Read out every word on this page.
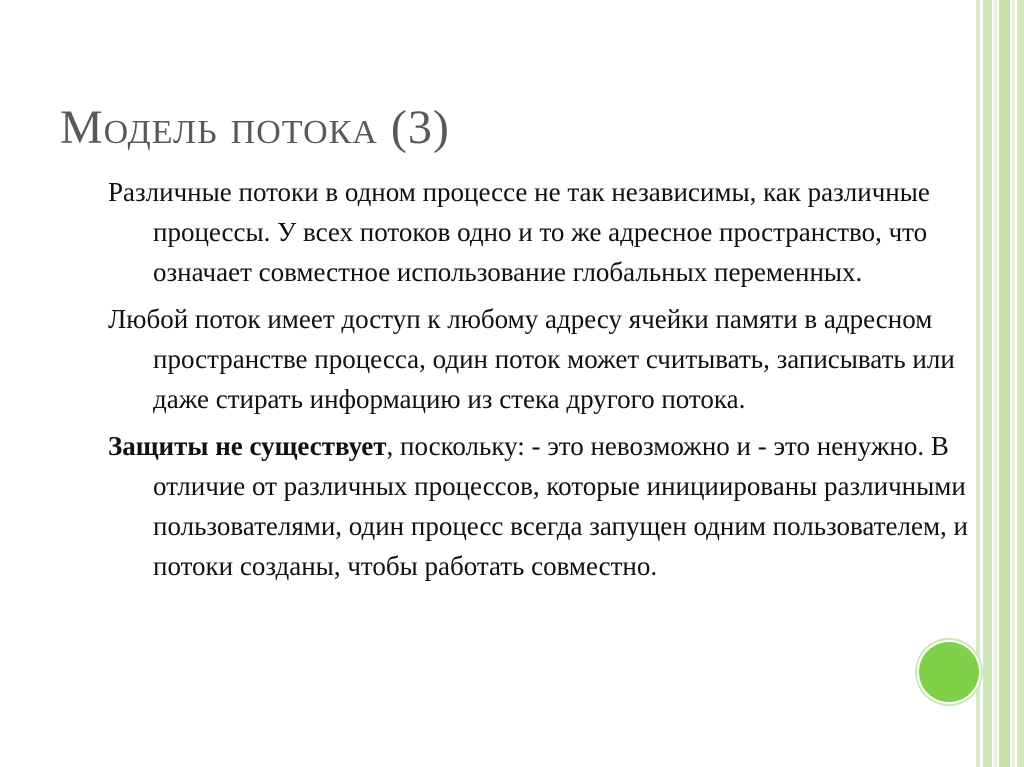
Модель потока (3)

Различные потоки в одном процессе не так независимы, как различные процессы. У всех потоков одно и то же адресное пространство, что означает совместное использование глобальных переменных.

Любой поток имеет доступ к любому адресу ячейки памяти в адресном пространстве процесса, один поток может считывать, записывать или даже стирать информацию из стека другого потока.

Защиты не существует, поскольку: - это невозможно и - это ненужно. В отличие от различных процессов, которые инициированы различными пользователями, один процесс всегда запущен одним пользователем, и потоки созданы, чтобы работать совместно.
